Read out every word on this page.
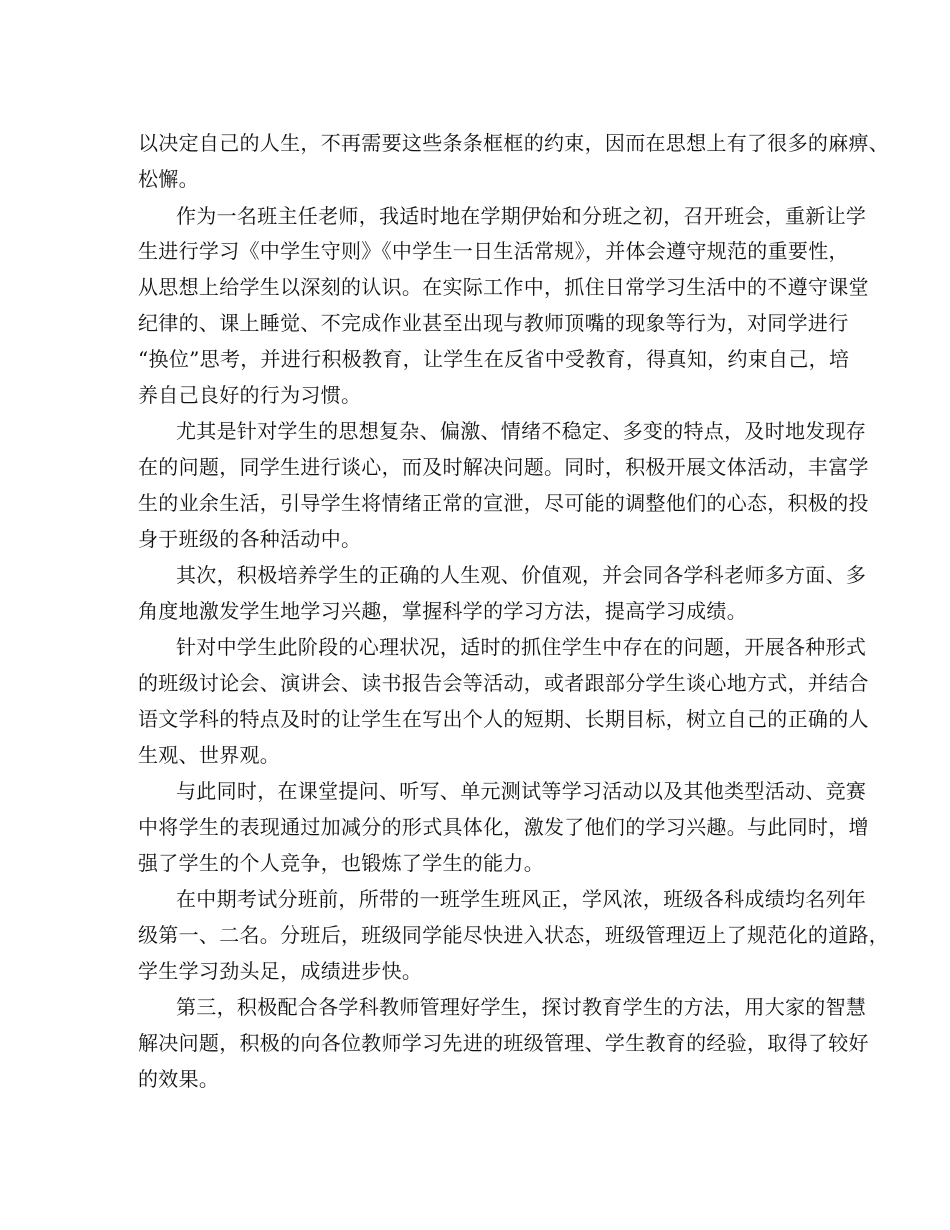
以决定自己的人生，不再需要这些条条框框的约束，因而在思想上有了很多的麻痹、
松懈。
作为一名班主任老师，我适时地在学期伊始和分班之初，召开班会，重新让学
生进行学习《中学生守则》《中学生一日生活常规》，并体会遵守规范的重要性，
从思想上给学生以深刻的认识。在实际工作中，抓住日常学习生活中的不遵守课堂
纪律的、课上睡觉、不完成作业甚至出现与教师顶嘴的现象等行为，对同学进行
“换位”思考，并进行积极教育，让学生在反省中受教育，得真知，约束自己，培
养自己良好的行为习惯。
尤其是针对学生的思想复杂、偏激、情绪不稳定、多变的特点，及时地发现存
在的问题，同学生进行谈心，而及时解决问题。同时，积极开展文体活动，丰富学
生的业余生活，引导学生将情绪正常的宣泄，尽可能的调整他们的心态，积极的投
身于班级的各种活动中。
其次，积极培养学生的正确的人生观、价值观，并会同各学科老师多方面、多
角度地激发学生地学习兴趣，掌握科学的学习方法，提高学习成绩。
针对中学生此阶段的心理状况，适时的抓住学生中存在的问题，开展各种形式
的班级讨论会、演讲会、读书报告会等活动，或者跟部分学生谈心地方式，并结合
语文学科的特点及时的让学生在写出个人的短期、长期目标，树立自己的正确的人
生观、世界观。
与此同时，在课堂提问、听写、单元测试等学习活动以及其他类型活动、竞赛
中将学生的表现通过加减分的形式具体化，激发了他们的学习兴趣。与此同时，增
强了学生的个人竞争，也锻炼了学生的能力。
在中期考试分班前，所带的一班学生班风正，学风浓，班级各科成绩均名列年
级第一、二名。分班后，班级同学能尽快进入状态，班级管理迈上了规范化的道路，
学生学习劲头足，成绩进步快。
第三，积极配合各学科教师管理好学生，探讨教育学生的方法，用大家的智慧
解决问题，积极的向各位教师学习先进的班级管理、学生教育的经验，取得了较好
的效果。
